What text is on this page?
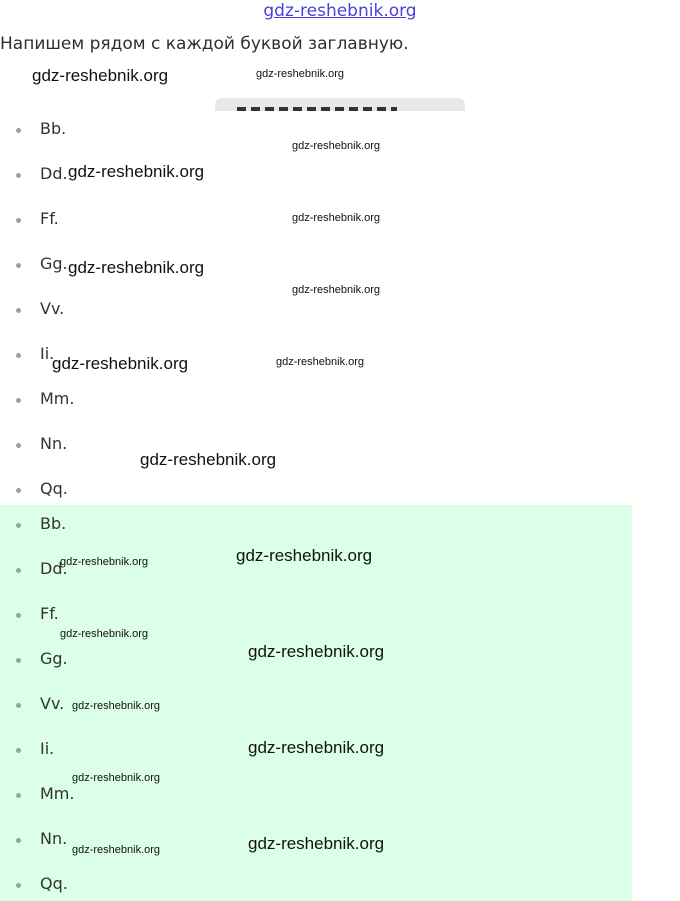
gdz-reshebnik.org
Напишем рядом с каждой буквой заглавную.
Bb.
Dd.
Ff.
Gg.
Vv.
Ii.
Mm.
Nn.
Qq.
Bb.
Dd.
Ff.
Gg.
Vv.
Ii.
Mm.
Nn.
Qq.
gdz-reshebnik.org	gdz-reshebnik.org
gdz-reshebnik.org
gdz-reshebnik.org
gdz-reshebnik.org
gdz-reshebnik.org
gdz-reshebnik.org
gdz-reshebnik.org	gdz-reshebnik.org
gdz-reshebnik.org
gdz-reshebnik.org
gdz-reshebnik.org
gdz-reshebnik.org
gdz-reshebnik.org
gdz-reshebnik.org
gdz-reshebnik.org
gdz-reshebnik.org
gdz-reshebnik.org
gdz-reshebnik.org
